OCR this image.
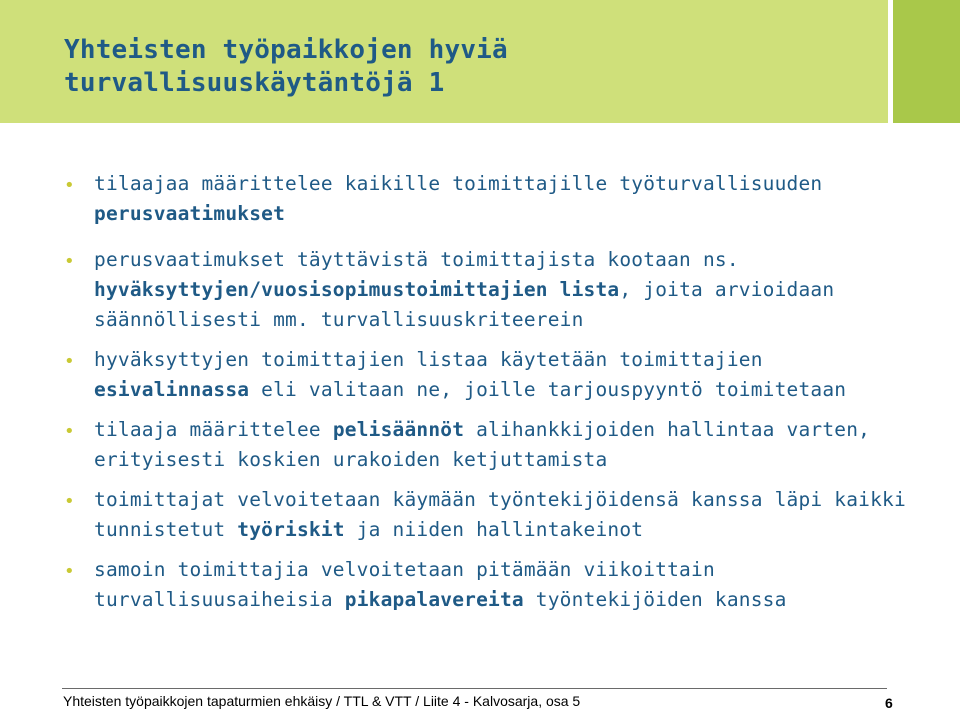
Yhteisten työpaikkojen hyviä
turvallisuuskäytäntöjä 1
• tilaajaa määrittelee kaikille toimittajille työturvallisuuden perusvaatimukset
• perusvaatimukset täyttävistä toimittajista kootaan ns. hyväksyttyjen/vuosisopimustoimittajien lista, joita arvioidaan säännöllisesti mm. turvallisuuskriteerein
• hyväksyttyjen toimittajien listaa käytetään toimittajien esivalinnassa eli valitaan ne, joille tarjouspyyntö toimitetaan
• tilaaja määrittelee pelisäännöt alihankkijoiden hallintaa varten, erityisesti koskien urakoiden ketjuttamista
• toimittajat velvoitetaan käymään työntekijöidensä kanssa läpi kaikki tunnistetut työriskit ja niiden hallintakeinot
• samoin toimittajia velvoitetaan pitämään viikoittain turvallisuusaiheisia pikapalavereita työntekijöiden kanssa
Yhteisten työpaikkojen tapaturmien ehkäisy / TTL & VTT / Liite 4 - Kalvosarja, osa 5	6
